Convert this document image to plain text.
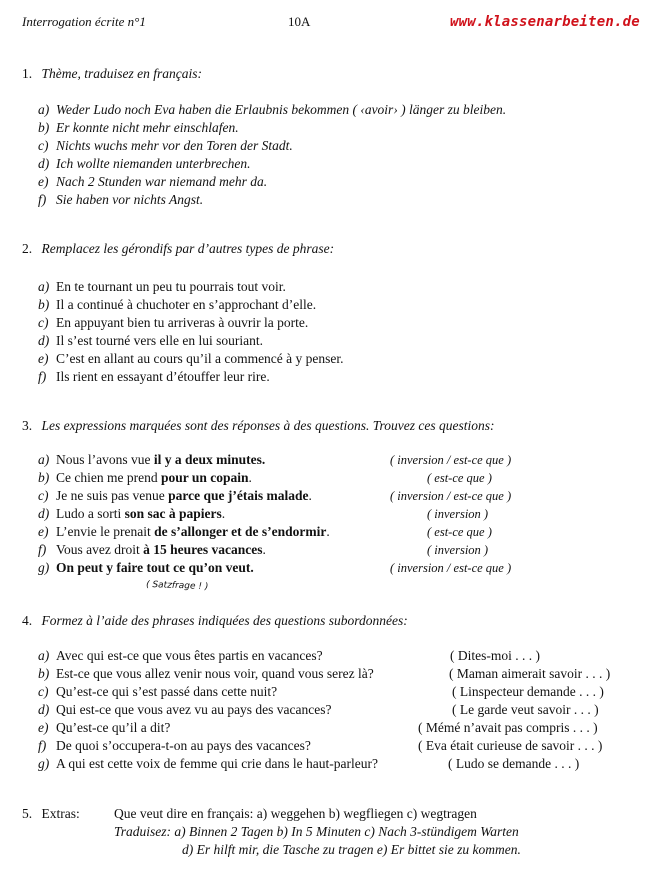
Interrogation écrite n°1	10A	www.klassenarbeiten.de
1. Thème, traduisez en français:
a) Weder Ludo noch Eva haben die Erlaubnis bekommen ( ‹avoir› ) länger zu bleiben.
b) Er konnte nicht mehr einschlafen.
c) Nichts wuchs mehr vor den Toren der Stadt.
d) Ich wollte niemanden unterbrechen.
e) Nach 2 Stunden war niemand mehr da.
f) Sie haben vor nichts Angst.
2. Remplacez les gérondifs par d’autres types de phrase:
a) En te tournant un peu tu pourrais tout voir.
b) Il a continué à chuchoter en s’approchant d’elle.
c) En appuyant bien tu arriveras à ouvrir la porte.
d) Il s’est tourné vers elle en lui souriant.
e) C’est en allant au cours qu’il a commencé à y penser.
f) Ils rient en essayant d’étouffer leur rire.
3. Les expressions marquées sont des réponses à des questions. Trouvez ces questions:
a) Nous l’avons vue il y a deux minutes.	( inversion / est-ce que )
b) Ce chien me prend pour un copain.	( est-ce que )
c) Je ne suis pas venue parce que j’étais malade.	( inversion / est-ce que )
d) Ludo a sorti son sac à papiers.	( inversion )
e) L’envie le prenait de s’allonger et de s’endormir.	( est-ce que )
f) Vous avez droit à 15 heures vacances.	( inversion )
g) On peut y faire tout ce qu’on veut.	( inversion / est-ce que )
( Satzfrage ! )
4. Formez à l’aide des phrases indiquées des questions subordonnées:
a) Avec qui est-ce que vous êtes partis en vacances?	( Dites-moi . . . )
b) Est-ce que vous allez venir nous voir, quand vous serez là?	( Maman aimerait savoir . . . )
c) Qu’est-ce qui s’est passé dans cette nuit?	( Linspecteur demande . . . )
d) Qui est-ce que vous avez vu au pays des vacances?	( Le garde veut savoir . . . )
e) Qu’est-ce qu’il a dit?	( Mémé n’avait pas compris . . . )
f) De quoi s’occupera-t-on au pays des vacances?	( Eva était curieuse de savoir . . . )
g) A qui est cette voix de femme qui crie dans le haut-parleur?	( Ludo se demande . . . )
5. Extras:	Que veut dire en français: a) weggehen b) wegfliegen c) wegtragen
Traduisez: a) Binnen 2 Tagen b) In 5 Minuten c) Nach 3-stündigem Warten
d) Er hilft mir, die Tasche zu tragen e) Er bittet sie zu kommen.
